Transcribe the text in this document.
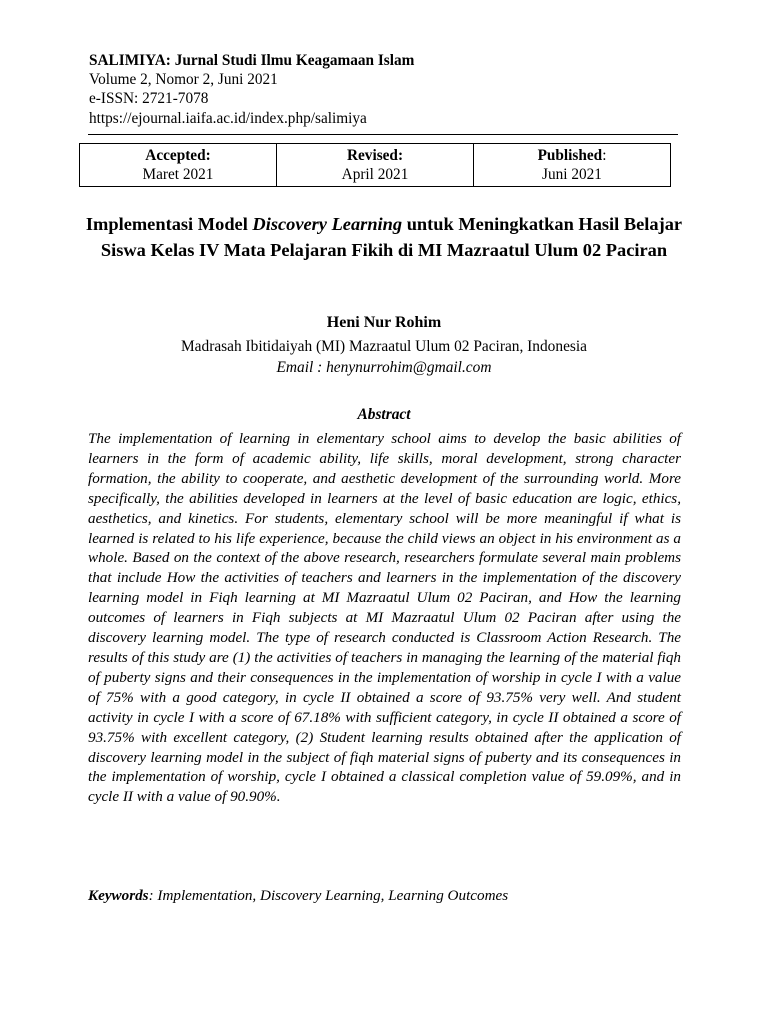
SALIMIYA: Jurnal Studi Ilmu Keagamaan Islam
Volume 2, Nomor 2, Juni 2021
e-ISSN: 2721-7078
https://ejournal.iaifa.ac.id/index.php/salimiya
Accepted:
Maret 2021

Revised:
April 2021

Published:
Juni 2021
Implementasi Model Discovery Learning untuk Meningkatkan Hasil Belajar Siswa Kelas IV Mata Pelajaran Fikih di MI Mazraatul Ulum 02 Paciran
Heni Nur Rohim
Madrasah Ibitidaiyah (MI) Mazraatul Ulum 02 Paciran, Indonesia
Email : henynurrohim@gmail.com
Abstract

The implementation of learning in elementary school aims to develop the basic abilities of learners in the form of academic ability, life skills, moral development, strong character formation, the ability to cooperate, and aesthetic development of the surrounding world. More specifically, the abilities developed in learners at the level of basic education are logic, ethics, aesthetics, and kinetics. For students, elementary school will be more meaningful if what is learned is related to his life experience, because the child views an object in his environment as a whole. Based on the context of the above research, researchers formulate several main problems that include How the activities of teachers and learners in the implementation of the discovery learning model in Fiqh learning at MI Mazraatul Ulum 02 Paciran, and How the learning outcomes of learners in Fiqh subjects at MI Mazraatul Ulum 02 Paciran after using the discovery learning model. The type of research conducted is Classroom Action Research. The results of this study are (1) the activities of teachers in managing the learning of the material fiqh of puberty signs and their consequences in the implementation of worship in cycle I with a value of 75% with a good category, in cycle II obtained a score of 93.75% very well. And student activity in cycle I with a score of 67.18% with sufficient category, in cycle II obtained a score of 93.75% with excellent category, (2) Student learning results obtained after the application of discovery learning model in the subject of fiqh material signs of puberty and its consequences in the implementation of worship, cycle I obtained a classical completion value of 59.09%, and in cycle II with a value of 90.90%.

Keywords: Implementation, Discovery Learning, Learning Outcomes
